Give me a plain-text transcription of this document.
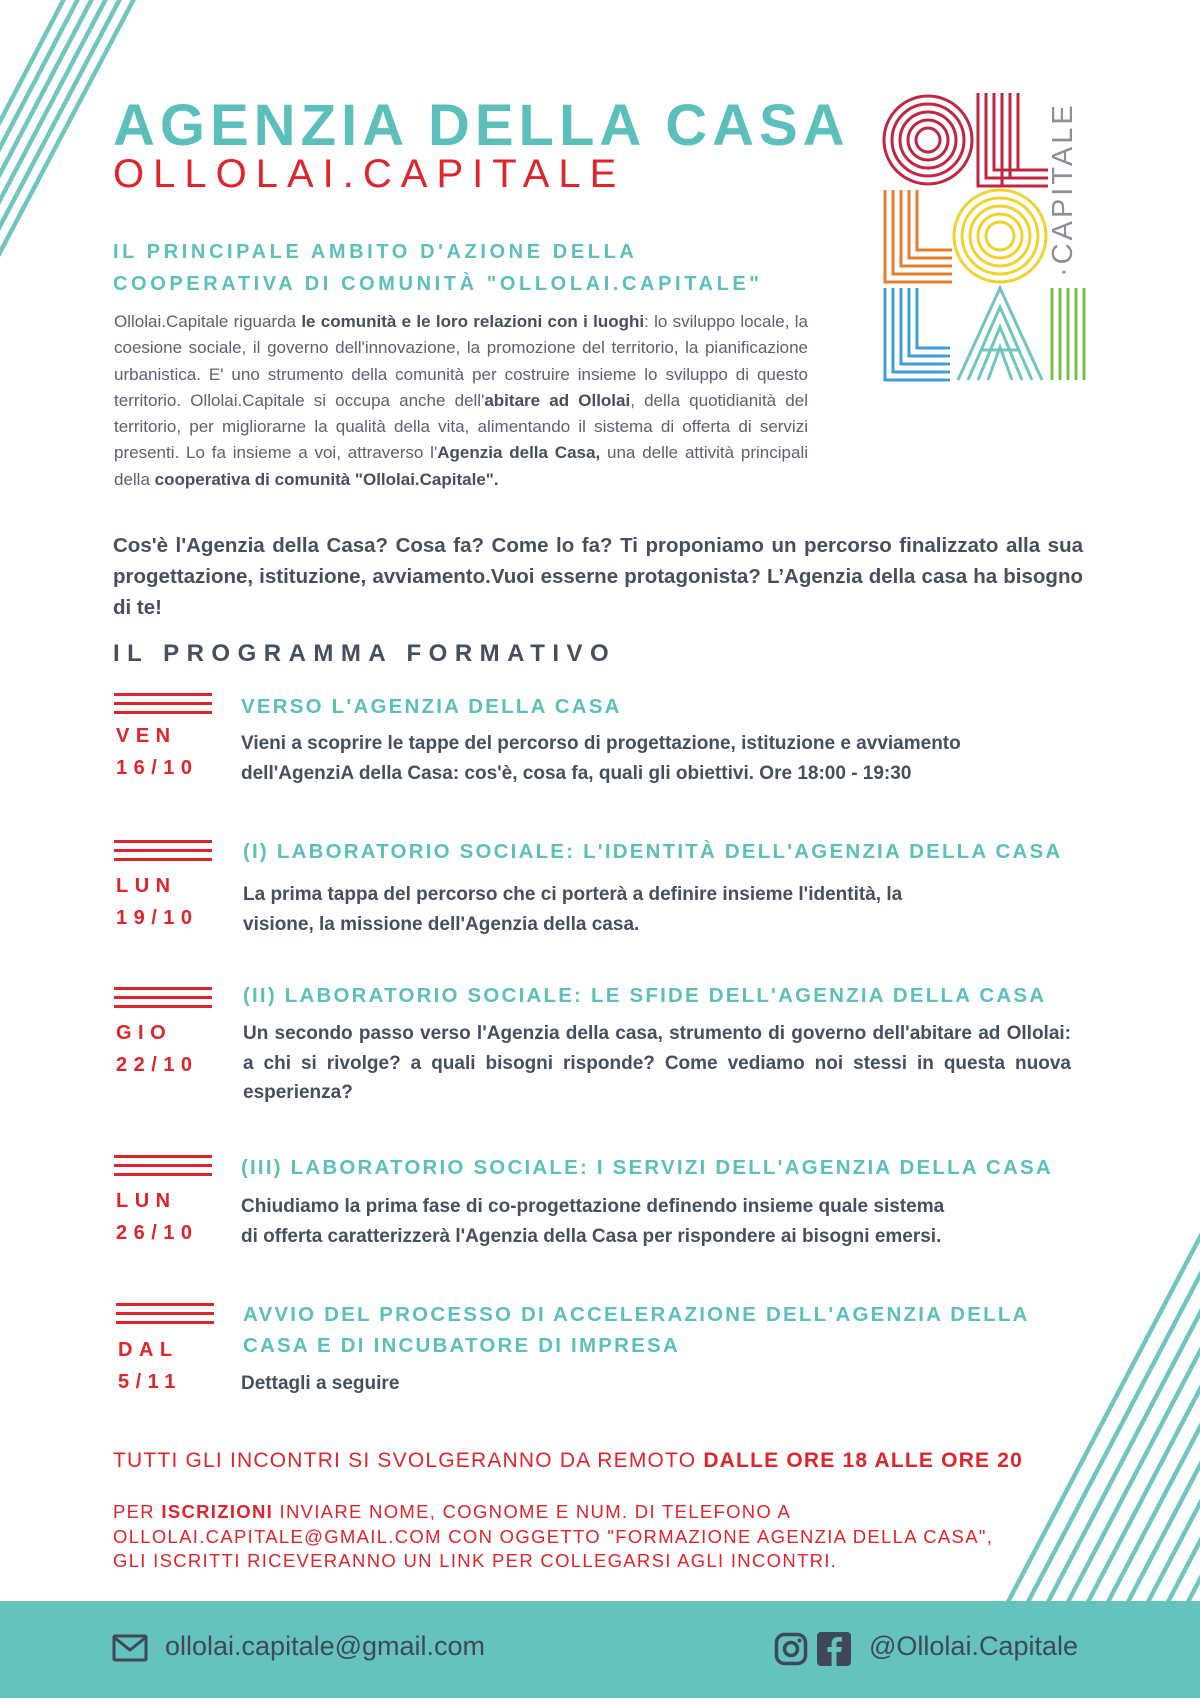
AGENZIA DELLA CASA
OLLOLAI.CAPITALE	·CAPITALE
IL PRINCIPALE AMBITO D'AZIONE DELLA
COOPERATIVA DI COMUNITÀ "OLLOLAI.CAPITALE"
Ollolai.Capitale riguarda le comunità e le loro relazioni con i luoghi: lo sviluppo locale, la coesione sociale, il governo dell'innovazione, la promozione del territorio, la pianificazione urbanistica. E' uno strumento della comunità per costruire insieme lo sviluppo di questo territorio. Ollolai.Capitale si occupa anche dell'abitare ad Ollolai, della quotidianità del territorio, per migliorarne la qualità della vita, alimentando il sistema di offerta di servizi presenti. Lo fa insieme a voi, attraverso l'Agenzia della Casa, una delle attività principali della cooperativa di comunità "Ollolai.Capitale".
Cos'è l'Agenzia della Casa? Cosa fa? Come lo fa? Ti proponiamo un percorso finalizzato alla sua progettazione, istituzione, avviamento.Vuoi esserne protagonista? L’Agenzia della casa ha bisogno di te!
IL PROGRAMMA FORMATIVO
VEN
16/10
VERSO L'AGENZIA DELLA CASA
Vieni a scoprire le tappe del percorso di progettazione, istituzione e avviamento
dell'AgenziA della Casa: cos'è, cosa fa, quali gli obiettivi. Ore 18:00 - 19:30
LUN
19/10
(I) LABORATORIO SOCIALE: L'IDENTITÀ DELL'AGENZIA DELLA CASA
La prima tappa del percorso che ci porterà a definire insieme l'identità, la
visione, la missione dell'Agenzia della casa.
GIO
22/10
(II) LABORATORIO SOCIALE: LE SFIDE DELL'AGENZIA DELLA CASA
Un secondo passo verso l'Agenzia della casa, strumento di governo dell'abitare ad Ollolai: a chi si rivolge? a quali bisogni risponde? Come vediamo noi stessi in questa nuova esperienza?
LUN
26/10
(III) LABORATORIO SOCIALE: I SERVIZI DELL'AGENZIA DELLA CASA
Chiudiamo la prima fase di co-progettazione definendo insieme quale sistema
di offerta caratterizzerà l'Agenzia della Casa per rispondere ai bisogni emersi.
DAL
5/11
AVVIO DEL PROCESSO DI ACCELERAZIONE DELL'AGENZIA DELLA
CASA E DI INCUBATORE DI IMPRESA
Dettagli a seguire
TUTTI GLI INCONTRI SI SVOLGERANNO DA REMOTO DALLE ORE 18 ALLE ORE 20
PER ISCRIZIONI INVIARE NOME, COGNOME E NUM. DI TELEFONO A OLLOLAI.CAPITALE@GMAIL.COM CON OGGETTO "FORMAZIONE AGENZIA DELLA CASA", GLI ISCRITTI RICEVERANNO UN LINK PER COLLEGARSI AGLI INCONTRI.
ollolai.capitale@gmail.com	@Ollolai.Capitale
